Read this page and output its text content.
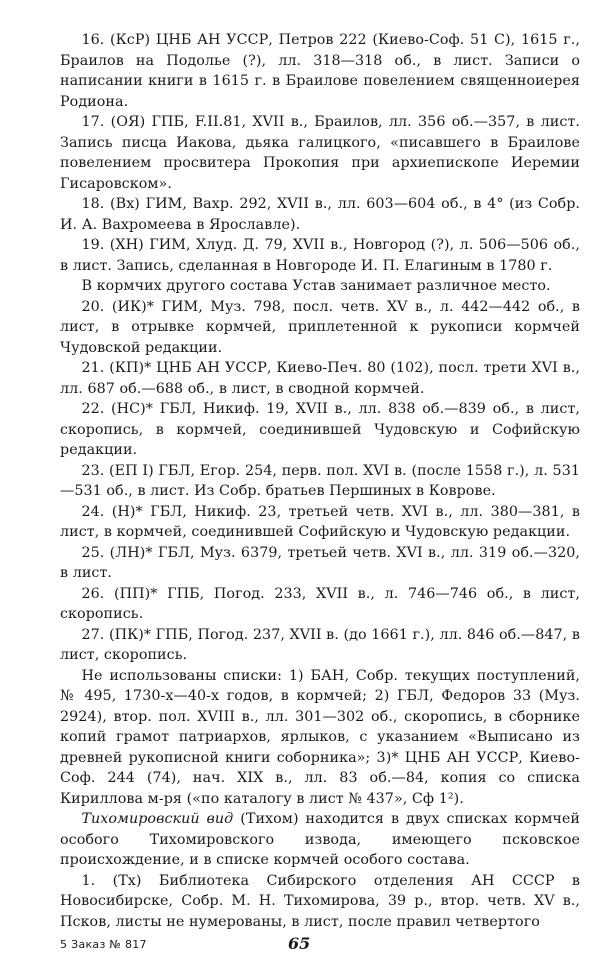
16. (КсР) ЦНБ АН УССР, Петров 222 (Киево-Соф. 51 С), 1615 г., Браилов на Подолье (?), лл. 318—318 об., в лист. Записи о написании книги в 1615 г. в Браилове повелением священноиерея Родиона.

17. (ОЯ) ГПБ, F.II.81, XVII в., Браилов, лл. 356 об.—357, в лист. Запись писца Иакова, дьяка галицкого, «писавшего в Браилове повелением просвитера Прокопия при архиепископе Иеремии Гисаровском».

18. (Вх) ГИМ, Вахр. 292, XVII в., лл. 603—604 об., в 4° (из Собр. И. А. Вахромеева в Ярославле).

19. (ХН) ГИМ, Хлуд. Д. 79, XVII в., Новгород (?), л. 506—506 об., в лист. Запись, сделанная в Новгороде И. П. Елагиным в 1780 г.

В кормчих другого состава Устав занимает различное место.

20. (ИК)* ГИМ, Муз. 798, посл. четв. XV в., л. 442—442 об., в лист, в отрывке кормчей, приплетенной к рукописи кормчей Чудовской редакции.

21. (КП)* ЦНБ АН УССР, Киево-Печ. 80 (102), посл. трети XVI в., лл. 687 об.—688 об., в лист, в сводной кормчей.

22. (НС)* ГБЛ, Никиф. 19, XVII в., лл. 838 об.—839 об., в лист, скоропись, в кормчей, соединившей Чудовскую и Софийскую редакции.

23. (ЕП I) ГБЛ, Егор. 254, перв. пол. XVI в. (после 1558 г.), л. 531—531 об., в лист. Из Собр. братьев Першиных в Коврове.

24. (Н)* ГБЛ, Никиф. 23, третьей четв. XVI в., лл. 380—381, в лист, в кормчей, соединившей Софийскую и Чудовскую редакции.

25. (ЛН)* ГБЛ, Муз. 6379, третьей четв. XVI в., лл. 319 об.—320, в лист.

26. (ПП)* ГПБ, Погод. 233, XVII в., л. 746—746 об., в лист, скоропись.

27. (ПК)* ГПБ, Погод. 237, XVII в. (до 1661 г.), лл. 846 об.—847, в лист, скоропись.

Не использованы списки: 1) БАН, Собр. текущих поступлений, № 495, 1730-х—40-х годов, в кормчей; 2) ГБЛ, Федоров 33 (Муз. 2924), втор. пол. XVIII в., лл. 301—302 об., скоропись, в сборнике копий грамот патриархов, ярлыков, с указанием «Выписано из древней рукописной книги соборника»; 3)* ЦНБ АН УССР, Киево-Соф. 244 (74), нач. XIX в., лл. 83 об.—84, копия со списка Кириллова м-ря («по каталогу в лист № 437», Сф 1²).

Тихомировский вид (Тихом) находится в двух списках кормчей особого Тихомировского извода, имеющего псковское происхождение, и в списке кормчей особого состава.

1. (Тх) Библиотека Сибирского отделения АН СССР в Новосибирске, Собр. М. Н. Тихомирова, 39 р., втор. четв. XV в., Псков, листы не нумерованы, в лист, после правил четвертого

5 Заказ № 817	65
